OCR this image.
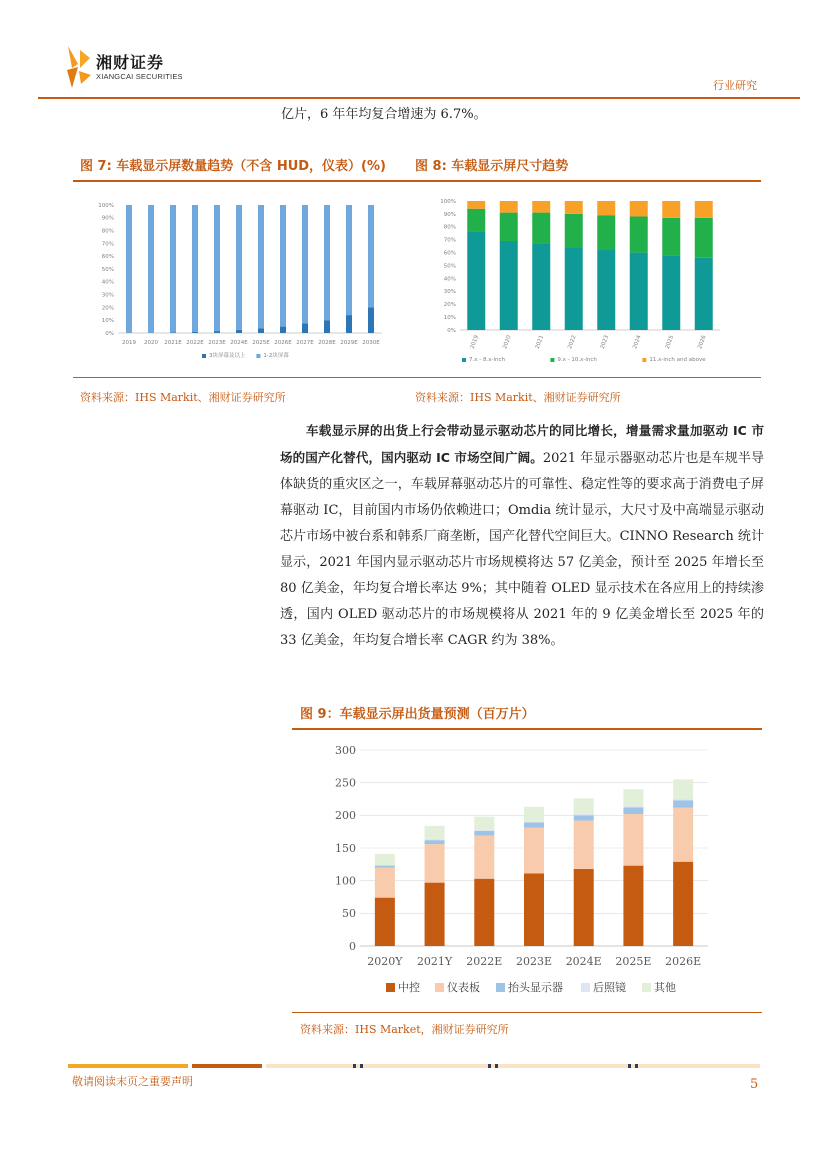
湘财证券
XIANGCAI SECURITIES
行业研究
亿片，6 年年均复合增速为 6.7%。
图 7: 车载显示屏数量趋势（不含 HUD，仪表）(%) 图 8: 车载显示屏尺寸趋势
0%
10%
20%
30%
40%
50%
60%
70%
80%
90%
100%
2019 2020 2021E 2022E 2023E 2024E 2025E 2026E 2027E 2028E 2029E 2030E
3块屏幕及以上	1-2块屏幕
0%
10%
20%
30%
40%
50%
60%
70%
80%
90%
100%
2019	2020	2021	2022	2023	2024	2025	2026
7.x - 8.x-inch	9.x - 10.x-inch	11.x-inch and above
资料来源：IHS Markit、湘财证券研究所	资料来源：IHS Markit、湘财证券研究所
车载显示屏的出货上行会带动显示驱动芯片的同比增长，增量需求量加驱动 IC 市场的国产化替代，国内驱动 IC 市场空间广阔。2021 年显示器驱动芯片也是车规半导体缺货的重灾区之一，车载屏幕驱动芯片的可靠性、稳定性等的要求高于消费电子屏幕驱动 IC，目前国内市场仍依赖进口；Omdia 统计显示，大尺寸及中高端显示驱动芯片市场中被台系和韩系厂商垄断，国产化替代空间巨大。CINNO Research 统计显示，2021 年国内显示驱动芯片市场规模将达 57 亿美金，预计至 2025 年增长至 80 亿美金，年均复合增长率达 9%；其中随着 OLED 显示技术在各应用上的持续渗透，国内 OLED 驱动芯片的市场规模将从 2021 年的 9 亿美金增长至 2025 年的 33 亿美金，年均复合增长率 CAGR 约为 38%。
图 9：车载显示屏出货量预测（百万片）
0
50
100
150
200
250
300
2020Y 2021Y 2022E 2023E 2024E 2025E 2026E
中控 仪表板	抬头显示器	后照镜	其他
资料来源：IHS Market，湘财证券研究所
敬请阅读末页之重要声明	5
